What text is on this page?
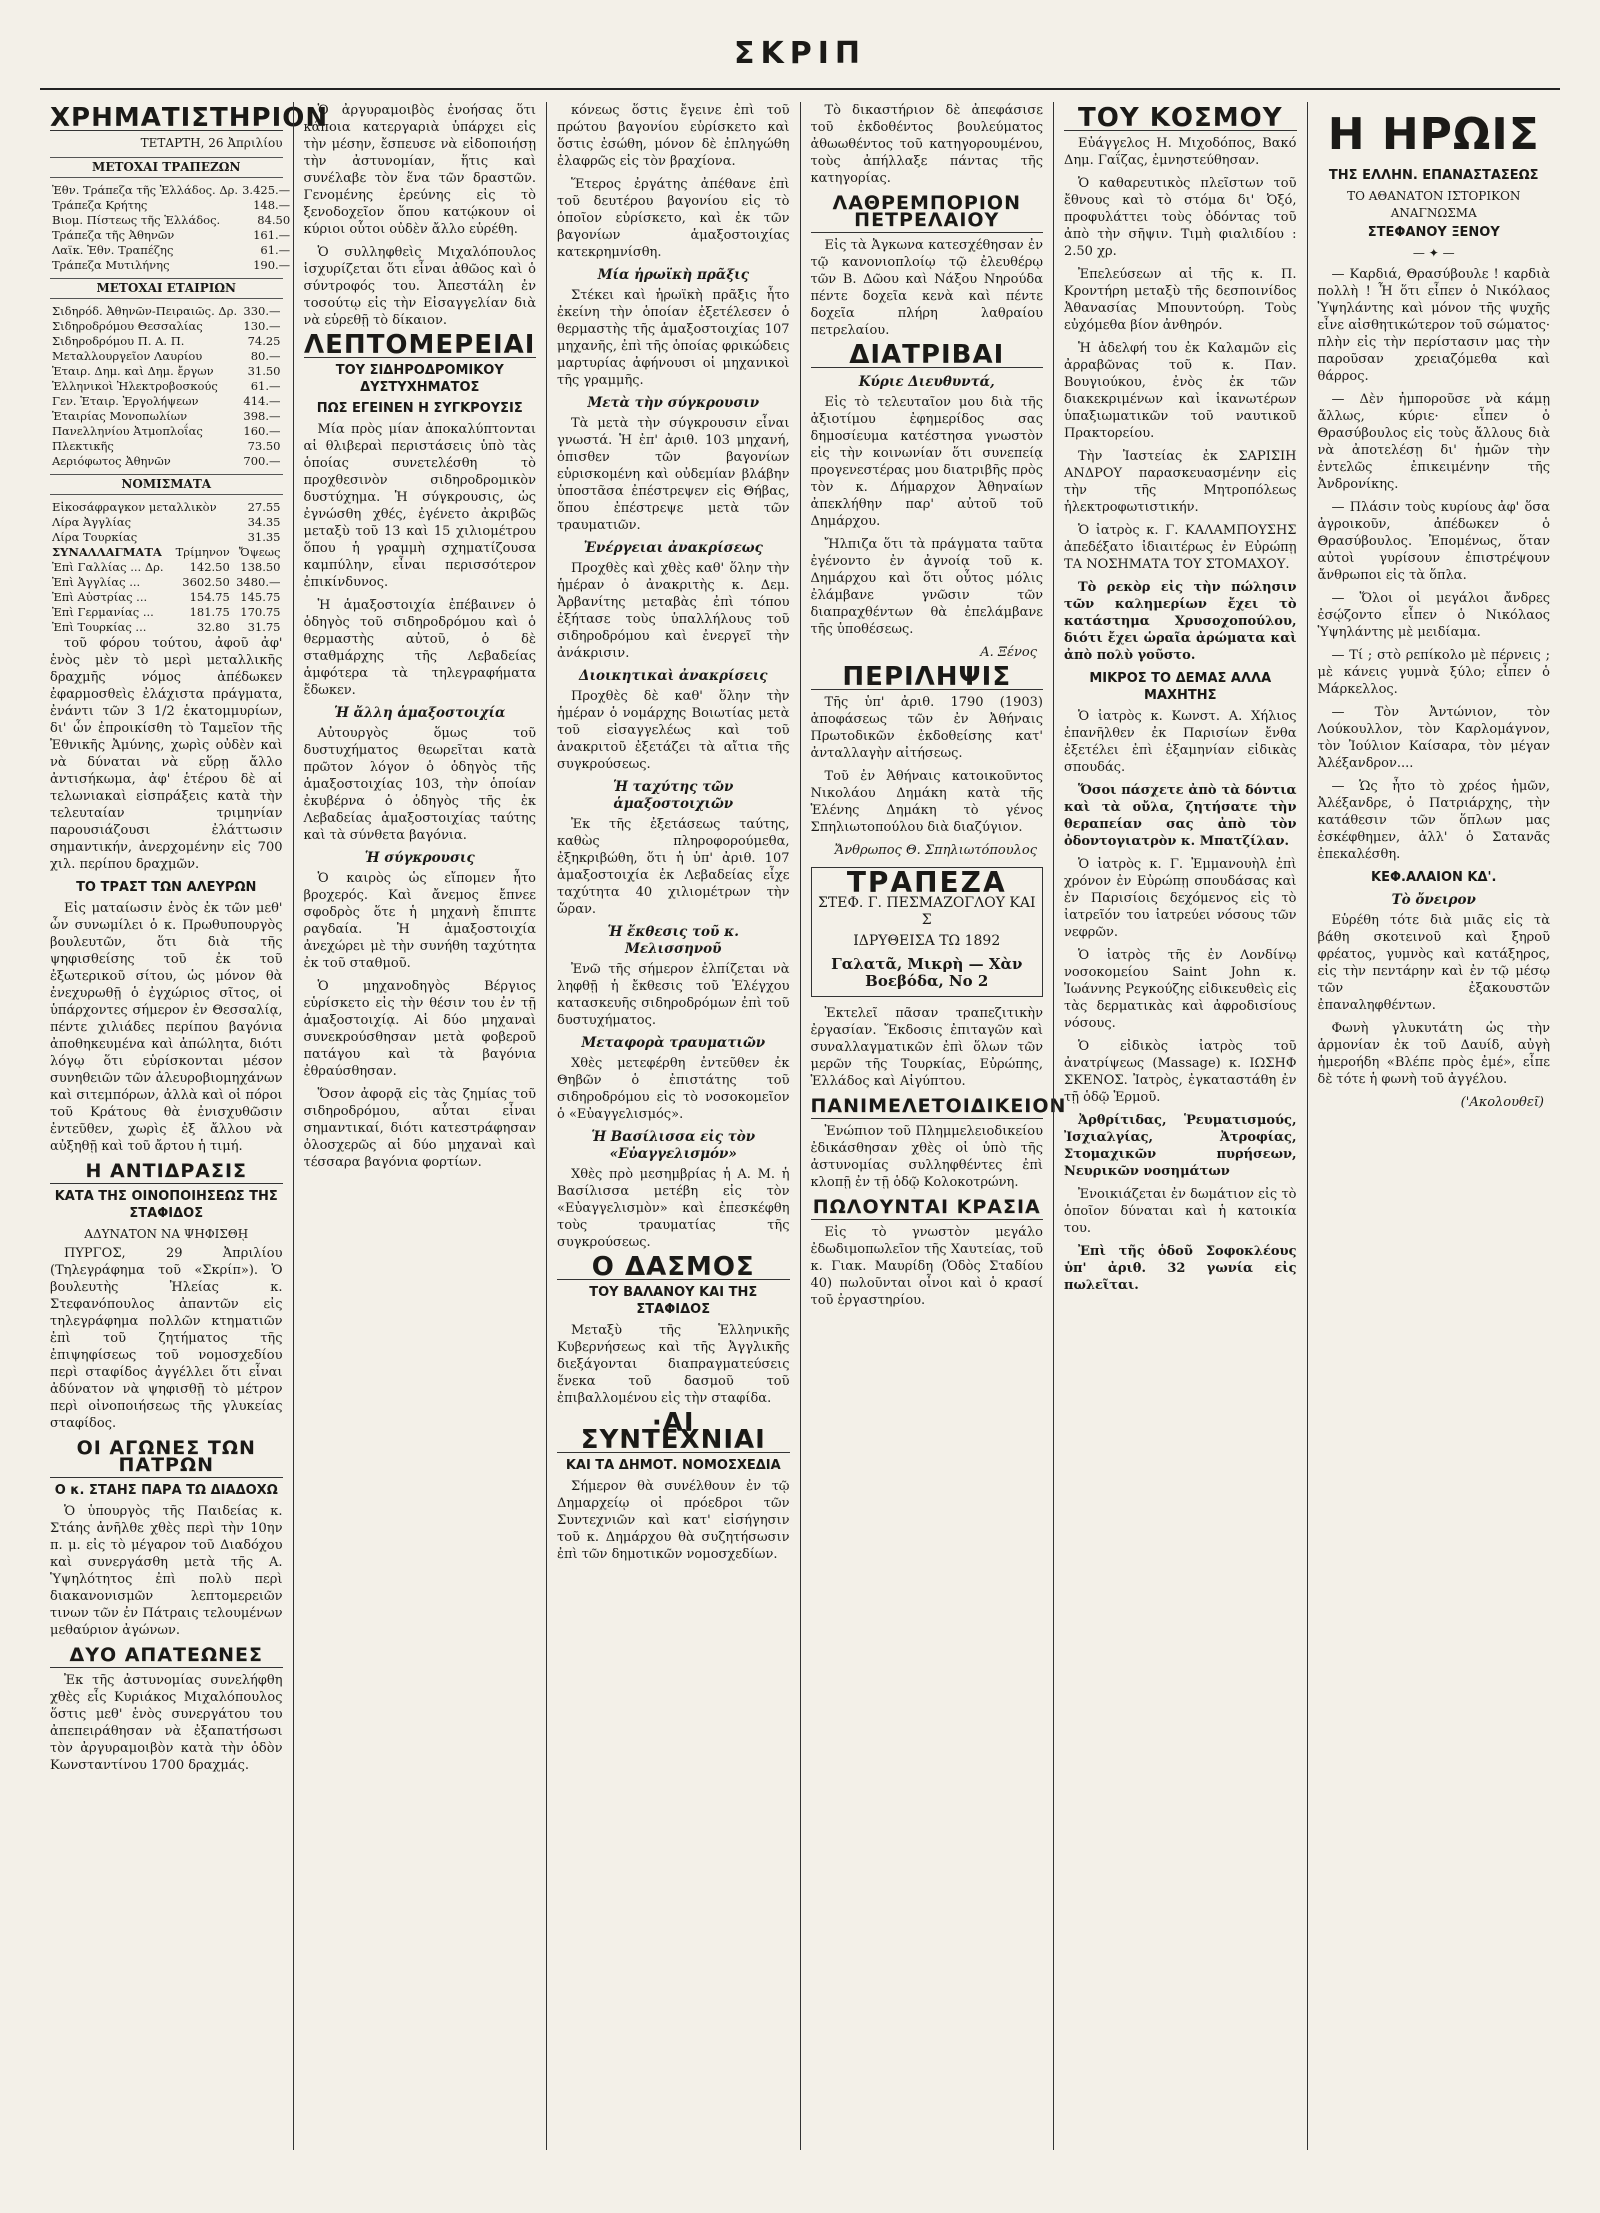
ΣΚΡΙΠ
ΧΡΗΜΑΤΙΣΤΗΡΙΟΝ
ΤΕΤΑΡΤΗ, 26 Ἀπριλίου
ΜΕΤΟΧΑΙ ΤΡΑΠΕΖΩΝ
Ἐθν. Τράπεζα τῆς Ἑλλάδος. Δρ.	3.425.—
Τράπεζα Κρήτης	148.—
Βιομ. Πίστεως τῆς Ἑλλάδος.	84.50
Τράπεζα τῆς Ἀθηνῶν	161.—
Λαϊκ. Ἐθν. Τραπέζης	61.—
Τράπεζα Μυτιλήνης	190.—
ΜΕΤΟΧΑΙ ΕΤΑΙΡΙΩΝ
Σιδηρόδ. Ἀθηνῶν-Πειραιῶς. Δρ.	330.—
Σιδηροδρόμου Θεσσαλίας	130.—
Σιδηροδρόμου Π. Α. Π.	74.25
Μεταλλουργεῖον Λαυρίου	80.—
Ἑταιρ. Δημ. καὶ Δημ. ἔργων	31.50
Ἑλληνικοὶ Ἠλεκτροβοσκούς	61.—
Γεν. Ἑταιρ. Ἐργολήψεων	414.—
Ἑταιρίας Μονοπωλίων	398.—
Πανελληνίου Ἀτμοπλοΐας	160.—
Πλεκτικῆς	73.50
Αεριόφωτος Ἀθηνῶν	700.—
ΝΟΜΙΣΜΑΤΑ
Εἰκοσάφραγκον μεταλλικὸν	27.55
Λίρα Ἀγγλίας	34.35
Λίρα Τουρκίας	31.35
ΣΥΝΑΛΛΑΓΜΑΤΑ	Τρίμηνον	Ὄψεως
Ἐπὶ Γαλλίας ... Δρ.	142.50	138.50
Ἐπὶ Ἀγγλίας ...	3602.50	3480.—
Ἐπὶ Αὐστρίας ...	154.75	145.75
Ἐπὶ Γερμανίας ...	181.75	170.75
Ἐπὶ Τουρκίας ...	32.80	31.75

τοῦ φόρου τούτου, ἀφοῦ ἀφ' ἑνὸς μὲν τὸ μερὶ μεταλλικῆς δραχμῆς νόμος ἀπέδωκεν ἐφαρμοσθεὶς ἐλάχιστα πράγματα, ἐνάντι τῶν 3 1/2 ἑκατομμυρίων, δι' ὧν ἐπροικίσθη τὸ Ταμεῖον τῆς Ἐθνικῆς Ἀμύνης, χωρὶς οὐδὲν καὶ νὰ δύναται νὰ εὕρῃ ἄλλο ἀντισήκωμα, ἀφ' ἑτέρου δὲ αἱ τελωνιακαὶ εἰσπράξεις κατὰ τὴν τελευταίαν τριμηνίαν παρουσιάζουσι ἐλάττωσιν σημαντικήν, ἀνερχομένην εἰς 700 χιλ. περίπου δραχμῶν.

ΤΟ ΤΡΑΣΤ ΤΩΝ ΑΛΕΥΡΩΝ

Εἰς ματαίωσιν ἑνὸς ἐκ τῶν μεθ' ὧν συνωμίλει ὁ κ. Πρωθυπουργὸς βουλευτῶν, ὅτι διὰ τῆς ψηφισθείσης τοῦ ἐκ τοῦ ἐξωτερικοῦ σίτου, ὡς μόνον θὰ ἐνεχυρωθῇ ὁ ἐγχώριος σῖτος, οἱ ὑπάρχοντες σήμερον ἐν Θεσσαλίᾳ, πέντε χιλιάδες περίπου βαγόνια ἀποθηκευμένα καὶ ἀπώλητα, διότι λόγῳ ὅτι εὑρίσκονται μέσον συνηθειῶν τῶν ἀλευροβιομηχάνων καὶ σιτεμπόρων, ἀλλὰ καὶ οἱ πόροι τοῦ Κράτους θὰ ἐνισχυθῶσιν ἐντεῦθεν, χωρὶς ἐξ ἄλλου νὰ αὐξηθῇ καὶ τοῦ ἄρτου ἡ τιμή.

Η ΑΝΤΙΔΡΑΣΙΣ
ΚΑΤΑ ΤΗΣ ΟΙΝΟΠΟΙΗΣΕΩΣ ΤΗΣ ΣΤΑΦΙΔΟΣ
ΑΔΥΝΑΤΟΝ ΝΑ ΨΗΦΙΣΘῌ

ΠΥΡΓΟΣ, 29 Ἀπριλίου (Τηλεγράφημα τοῦ «Σκρίπ»). Ὁ βουλευτὴς Ἠλείας κ. Στεφανόπουλος ἀπαντῶν εἰς τηλεγράφημα πολλῶν κτηματιῶν ἐπὶ τοῦ ζητήματος τῆς ἐπιψηφίσεως τοῦ νομοσχεδίου περὶ σταφίδος ἀγγέλλει ὅτι εἶναι ἀδύνατον νὰ ψηφισθῇ τὸ μέτρον περὶ οἰνοποιήσεως τῆς γλυκείας σταφίδος.

ΟΙ ΑΓΩΝΕΣ ΤΩΝ ΠΑΤΡΩΝ
Ο κ. ΣΤΑΗΣ ΠΑΡΑ ΤΩ ΔΙΑΔΟΧΩ

Ὁ ὑπουργὸς τῆς Παιδείας κ. Στάης ἀνῆλθε χθὲς περὶ τὴν 10ην π. μ. εἰς τὸ μέγαρον τοῦ Διαδόχου καὶ συνεργάσθη μετὰ τῆς Α. Ὑψηλότητος ἐπὶ πολὺ περὶ διακανονισμῶν λεπτομερειῶν τινων τῶν ἐν Πάτραις τελουμένων μεθαύριον ἀγώνων.

ΔΥΟ ΑΠΑΤΕΩΝΕΣ

Ἐκ τῆς ἀστυνομίας συνελήφθη χθὲς εἷς Κυριάκος Μιχαλόπουλος ὅστις μεθ' ἑνὸς συνεργάτου του ἀπεπειράθησαν νὰ ἐξαπατήσωσι τὸν ἀργυραμοιβὸν κατὰ τὴν ὁδὸν Κωνσταντίνου 1700 δραχμάς.

Ὁ ἀργυραμοιβὸς ἐνοήσας ὅτι κάποια κατεργαριὰ ὑπάρχει εἰς τὴν μέσην, ἔσπευσε νὰ εἰδοποιήσῃ τὴν ἀστυνομίαν, ἥτις καὶ συνέλαβε τὸν ἕνα τῶν δραστῶν. Γενομένης ἐρεύνης εἰς τὸ ξενοδοχεῖον ὅπου κατῴκουν οἱ κύριοι οὗτοι οὐδὲν ἄλλο εὑρέθη.

Ὁ συλληφθεὶς Μιχαλόπουλος ἰσχυρίζεται ὅτι εἶναι ἀθῶος καὶ ὁ σύντροφός του. Ἀπεστάλη ἐν τοσούτῳ εἰς τὴν Εἰσαγγελίαν διὰ νὰ εὑρεθῇ τὸ δίκαιον.

ΛΕΠΤΟΜΕΡΕΙΑΙ
ΤΟΥ ΣΙΔΗΡΟΔΡΟΜΙΚΟΥ ΔΥΣΤΥΧΗΜΑΤΟΣ
ΠΩΣ ΕΓΕΙΝΕΝ Η ΣΥΓΚΡΟΥΣΙΣ

Μία πρὸς μίαν ἀποκαλύπτονται αἱ θλιβεραὶ περιστάσεις ὑπὸ τὰς ὁποίας συνετελέσθη τὸ προχθεσινὸν σιδηροδρομικὸν δυστύχημα. Ἡ σύγκρουσις, ὡς ἐγνώσθη χθές, ἐγένετο ἀκριβῶς μεταξὺ τοῦ 13 καὶ 15 χιλιομέτρου ὅπου ἡ γραμμὴ σχηματίζουσα καμπύλην, εἶναι περισσότερον ἐπικίνδυνος.

Ἡ ἁμαξοστοιχία ἐπέβαινεν ὁ ὁδηγὸς τοῦ σιδηροδρόμου καὶ ὁ θερμαστὴς αὐτοῦ, ὁ δὲ σταθμάρχης τῆς Λεβαδείας ἀμφότερα τὰ τηλεγραφήματα ἔδωκεν.

Ἡ ἄλλη ἁμαξοστοιχία

Αὐτουργὸς ὅμως τοῦ δυστυχήματος θεωρεῖται κατὰ πρῶτον λόγον ὁ ὁδηγὸς τῆς ἁμαξοστοιχίας 103, τὴν ὁποίαν ἐκυβέρνα ὁ ὁδηγὸς τῆς ἐκ Λεβαδείας ἁμαξοστοιχίας ταύτης καὶ τὰ σύνθετα βαγόνια.

Ἡ σύγκρουσις

Ὁ καιρὸς ὡς εἴπομεν ἦτο βροχερός. Καὶ ἄνεμος ἔπνεε σφοδρὸς ὅτε ἡ μηχανὴ ἔπιπτε ραγδαία. Ἡ ἁμαξοστοιχία ἀνεχώρει μὲ τὴν συνήθη ταχύτητα ἐκ τοῦ σταθμοῦ.

Ὁ μηχανοδηγὸς Βέργιος εὑρίσκετο εἰς τὴν θέσιν του ἐν τῇ ἁμαξοστοιχίᾳ. Αἱ δύο μηχαναὶ συνεκρούσθησαν μετὰ φοβεροῦ πατάγου καὶ τὰ βαγόνια ἐθραύσθησαν.

Ὅσον ἀφορᾷ εἰς τὰς ζημίας τοῦ σιδηροδρόμου, αὗται εἶναι σημαντικαί, διότι κατεστράφησαν ὁλοσχερῶς αἱ δύο μηχαναὶ καὶ τέσσαρα βαγόνια φορτίων.

κόνεως ὅστις ἔγεινε ἐπὶ τοῦ πρώτου βαγονίου εὑρίσκετο καὶ ὅστις ἐσώθη, μόνον δὲ ἐπληγώθη ἐλαφρῶς εἰς τὸν βραχίονα.

Ἕτερος ἐργάτης ἀπέθανε ἐπὶ τοῦ δευτέρου βαγονίου εἰς τὸ ὁποῖον εὑρίσκετο, καὶ ἐκ τῶν βαγονίων ἁμαξοστοιχίας κατεκρημνίσθη.

Μία ἡρωϊκὴ πρᾶξις

Στέκει καὶ ἡρωϊκὴ πρᾶξις ἦτο ἐκείνη τὴν ὁποίαν ἐξετέλεσεν ὁ θερμαστὴς τῆς ἁμαξοστοιχίας 107 μηχανῆς, ἐπὶ τῆς ὁποίας φρικώδεις μαρτυρίας ἀφήνουσι οἱ μηχανικοὶ τῆς γραμμῆς.

Μετὰ τὴν σύγκρουσιν

Τὰ μετὰ τὴν σύγκρουσιν εἶναι γνωστά. Ἡ ἐπ' ἀριθ. 103 μηχανή, ὁπισθεν τῶν βαγονίων εὑρισκομένη καὶ οὐδεμίαν βλάβην ὑποστᾶσα ἐπέστρεψεν εἰς Θήβας, ὅπου ἐπέστρεψε μετὰ τῶν τραυματιῶν.

Ἐνέργειαι ἀνακρίσεως

Προχθὲς καὶ χθὲς καθ' ὅλην τὴν ἡμέραν ὁ ἀνακριτὴς κ. Δεμ. Ἀρβανίτης μεταβὰς ἐπὶ τόπου ἐξήτασε τοὺς ὑπαλλήλους τοῦ σιδηροδρόμου καὶ ἐνεργεῖ τὴν ἀνάκρισιν.

Διοικητικαὶ ἀνακρίσεις

Προχθὲς δὲ καθ' ὅλην τὴν ἡμέραν ὁ νομάρχης Βοιωτίας μετὰ τοῦ εἰσαγγελέως καὶ τοῦ ἀνακριτοῦ ἐξετάζει τὰ αἴτια τῆς συγκρούσεως.

Ἡ ταχύτης τῶν ἁμαξοστοιχιῶν

Ἐκ τῆς ἐξετάσεως ταύτης, καθὼς πληροφορούμεθα, ἐξηκριβώθη, ὅτι ἡ ὑπ' ἀριθ. 107 ἁμαξοστοιχία ἐκ Λεβαδείας εἶχε ταχύτητα 40 χιλιομέτρων τὴν ὥραν.

Ἡ ἔκθεσις τοῦ κ. Μελισσηνοῦ

Ἐνῶ τῆς σήμερον ἐλπίζεται νὰ ληφθῇ ἡ ἔκθεσις τοῦ Ἐλέγχου κατασκευῆς σιδηροδρόμων ἐπὶ τοῦ δυστυχήματος.

Μεταφορὰ τραυματιῶν

Χθὲς μετεφέρθη ἐντεῦθεν ἐκ Θηβῶν ὁ ἐπιστάτης τοῦ σιδηροδρόμου εἰς τὸ νοσοκομεῖον ὁ «Εὐαγγελισμός».

Ἡ Βασίλισσα εἰς τὸν «Εὐαγγελισμόν»

Χθὲς πρὸ μεσημβρίας ἡ Α. Μ. ἡ Βασίλισσα μετέβη εἰς τὸν «Εὐαγγελισμὸν» καὶ ἐπεσκέφθη τοὺς τραυματίας τῆς συγκρούσεως.

Ο ΔΑΣΜΟΣ
ΤΟΥ ΒΑΛΑΝΟΥ ΚΑΙ ΤΗΣ ΣΤΑΦΙΔΟΣ

Μεταξὺ τῆς Ἑλληνικῆς Κυβερνήσεως καὶ τῆς Ἀγγλικῆς διεξάγονται διαπραγματεύσεις ἕνεκα τοῦ δασμοῦ τοῦ ἐπιβαλλομένου εἰς τὴν σταφίδα.

·ΑΙ ΣΥΝΤΕΧΝΙΑΙ
ΚΑΙ ΤΑ ΔΗΜΟΤ. ΝΟΜΟΣΧΕΔΙΑ

Σήμερον θὰ συνέλθουν ἐν τῷ Δημαρχείῳ οἱ πρόεδροι τῶν Συντεχνιῶν καὶ κατ' εἰσήγησιν τοῦ κ. Δημάρχου θὰ συζητήσωσιν ἐπὶ τῶν δημοτικῶν νομοσχεδίων.

Τὸ δικαστήριον δὲ ἀπεφάσισε τοῦ ἐκδοθέντος βουλεύματος ἀθωωθέντος τοῦ κατηγορουμένου, τοὺς ἀπήλλαξε πάντας τῆς κατηγορίας.

ΛΑΘΡΕΜΠΟΡΙΟΝ ΠΕΤΡΕΛΑΙΟΥ

Εἰς τὰ Ἀγκωνα κατεσχέθησαν ἐν τῷ κανονιοπλοίῳ τῷ ἐλευθέρῳ τῶν Β. Δῶου καὶ Νάξου Νηρούδα πέντε δοχεῖα κενὰ καὶ πέντε δοχεῖα πλήρη λαθραίου πετρελαίου.

ΔΙΑΤΡΙΒΑΙ
Κύριε Διευθυντά,

Εἰς τὸ τελευταῖον μου διὰ τῆς ἀξιοτίμου ἐφημερίδος σας δημοσίευμα κατέστησα γνωστὸν εἰς τὴν κοινωνίαν ὅτι συνεπείᾳ προγενεστέρας μου διατριβῆς πρὸς τὸν κ. Δήμαρχον Ἀθηναίων ἀπεκλήθην παρ' αὐτοῦ τοῦ Δημάρχου.

Ἤλπιζα ὅτι τὰ πράγματα ταῦτα ἐγένοντο ἐν ἀγνοίᾳ τοῦ κ. Δημάρχου καὶ ὅτι οὗτος μόλις ἐλάμβανε γνῶσιν τῶν διαπραχθέντων θὰ ἐπελάμβανε τῆς ὑποθέσεως.

Α. Ξένος
ΠΕΡΙΛΗΨΙΣ

Τῆς ὑπ' ἀριθ. 1790 (1903) ἀποφάσεως τῶν ἐν Ἀθήναις Πρωτοδικῶν ἐκδοθείσης κατ' ἀνταλλαγὴν αἰτήσεως.

Τοῦ ἐν Ἀθήναις κατοικοῦντος Νικολάου Δημάκη κατὰ τῆς Ἑλένης Δημάκη τὸ γένος Σπηλιωτοπούλου διὰ διαζύγιον.

Ἄνθρωπος Θ. Σπηλιωτόπουλος
ΤΡΑΠΕΖΑ
ΣΤΕΦ. Γ. ΠΕΣΜΑΖΟΓΛΟΥ ΚΑΙ Σ
ΙΔΡΥΘΕΙΣΑ ΤΩ 1892
Γαλατᾶ, Μικρὴ — Χὰν Βοεβόδα, Νο 2

Ἐκτελεῖ πᾶσαν τραπεζιτικὴν ἐργασίαν. Ἔκδοσις ἐπιταγῶν καὶ συναλλαγματικῶν ἐπὶ ὅλων τῶν μερῶν τῆς Τουρκίας, Εὐρώπης, Ἑλλάδος καὶ Αἰγύπτου.

ΠΑΝΙΜΕΛΕΤΟΙΔΙΚΕΙΟΝ

Ἐνώπιον τοῦ Πλημμελειοδικείου ἐδικάσθησαν χθὲς οἱ ὑπὸ τῆς ἀστυνομίας συλληφθέντες ἐπὶ κλοπῇ ἐν τῇ ὁδῷ Κολοκοτρώνη.

ΠΩΛΟΥΝΤΑΙ ΚΡΑΣΙΑ

Εἰς τὸ γνωστὸν μεγάλο ἐδωδιμοπωλεῖον τῆς Χαυτείας, τοῦ κ. Γιακ. Μαυρίδη (Ὁδὸς Σταδίου 40) πωλοῦνται οἶνοι καὶ ὁ κρασί τοῦ ἐργαστηρίου.

ΤΟΥ ΚΟΣΜΟΥ

Εὐάγγελος Η. Μιχοδόπος, Βακό Δημ. Γαΐζας, ἐμνηστεύθησαν.

Ὁ καθαρευτικὸς πλεῖστων τοῦ ἔθνους καὶ τὸ στόμα δι' Ὀξό, προφυλάττει τοὺς ὀδόντας τοῦ ἀπὸ τὴν σῆψιν. Τιμὴ φιαλιδίου : 2.50 χρ.

Ἐπελεύσεων αἱ τῆς κ. Π. Κροντήρη μεταξὺ τῆς δεσποινίδος Ἀθανασίας Μπουντούρη. Τοὺς εὐχόμεθα βίον ἀνθηρόν.

Ἡ ἀδελφή του ἐκ Καλαμῶν εἰς ἀρραβῶνας τοῦ κ. Παν. Βουγιούκου, ἐνὸς ἐκ τῶν διακεκριμένων καὶ ἱκανωτέρων ὑπαξιωματικῶν τοῦ ναυτικοῦ Πρακτορείου.

Τὴν Ἰαστείας ἐκ ΣΑΡΙΣΙΗ ΑΝΔΡΟΥ παρασκευασμένην εἰς τὴν τῆς Μητροπόλεως ἡλεκτροφωτιστικήν.

Ὁ ἰατρὸς κ. Γ. ΚΑΛΑΜΠΟΥΣΗΣ ἀπεδέξατο ἰδιαιτέρως ἐν Εὐρώπῃ ΤΑ ΝΟΣΗΜΑΤΑ ΤΟΥ ΣΤΟΜΑΧΟΥ.

Τὸ ρεκὸρ εἰς τὴν πώλησιν τῶν καλημερίων ἔχει τὸ κατάστημα Χρυσοχοπούλου, διότι ἔχει ὡραῖα ἀρώματα καὶ ἀπὸ πολὺ γοῦστο.

ΜΙΚΡΟΣ ΤΟ ΔΕΜΑΣ ΑΛΛΑ ΜΑΧΗΤΗΣ

Ὁ ἰατρὸς κ. Κωνστ. Α. Χήλιος ἐπανῆλθεν ἐκ Παρισίων ἔνθα ἐξετέλει ἐπὶ ἑξαμηνίαν εἰδικὰς σπουδάς.

Ὅσοι πάσχετε ἀπὸ τὰ δόντια καὶ τὰ οὔλα, ζητήσατε τὴν θεραπείαν σας ἀπὸ τὸν ὀδοντογιατρὸν κ. Μπατζίλαν.

Ὁ ἰατρὸς κ. Γ. Ἐμμανουὴλ ἐπὶ χρόνον ἐν Εὐρώπῃ σπουδάσας καὶ ἐν Παρισίοις δεχόμενος εἰς τὸ ἰατρεῖόν του ἰατρεύει νόσους τῶν νεφρῶν.

Ὁ ἰατρὸς τῆς ἐν Λονδίνῳ νοσοκομείου Saint John κ. Ἰωάννης Ρεγκούζης εἰδικευθεὶς εἰς τὰς δερματικὰς καὶ ἀφροδισίους νόσους.

Ὁ εἰδικὸς ἰατρὸς τοῦ ἀνατρίψεως (Massage) κ. ΙΩΣΗΦ ΣΚΕΝΟΣ. Ἰατρὸς, ἐγκαταστάθη ἐν τῇ ὁδῷ Ἑρμοῦ.

Ἀρθρίτιδας, Ῥευματισμούς, Ἰσχιαλγίας, Ἀτροφίας, Στομαχικῶν πυρήσεων, Νευρικῶν νοσημάτων

Ἐνοικιάζεται ἐν δωμάτιον εἰς τὸ ὁποῖον δύναται καὶ ἡ κατοικία του.

Ἐπὶ τῆς ὁδοῦ Σοφοκλέους ὑπ' ἀριθ. 32 γωνία εἰς πωλεῖται.

Η ΗΡΩΙΣ
ΤΗΣ ΕΛΛΗΝ. ΕΠΑΝΑΣΤΑΣΕΩΣ
ΤΟ ΑΘΑΝΑΤΟΝ ΙΣΤΟΡΙΚΟΝ ΑΝΑΓΝΩΣΜΑ
ΣΤΕΦΑΝΟΥ ΞΕΝΟΥ
— ✦ —

— Καρδιά, Θρασύβουλε ! καρδιὰ πολλὴ ! Ἦ ὅτι εἶπεν ὁ Νικόλαος Ὑψηλάντης καὶ μόνον τῆς ψυχῆς εἶνε αἰσθητικώτερον τοῦ σώματος· πλὴν εἰς τὴν περίστασιν μας τὴν παροῦσαν χρειαζόμεθα καὶ θάρρος.

— Δὲν ἠμποροῦσε νὰ κάμῃ ἄλλως, κύριε· εἶπεν ὁ Θρασύβουλος εἰς τοὺς ἄλλους διὰ νὰ ἀποτελέσῃ δι' ἡμῶν τὴν ἐντελῶς ἐπικειμένην τῆς Ἀνδρονίκης.

— Πλάσιν τοὺς κυρίους ἀφ' ὅσα ἀγροικοῦν, ἀπέδωκεν ὁ Θρασύβουλος. Ἐπομένως, ὅταν αὐτοὶ γυρίσουν ἐπιστρέψουν ἄνθρωποι εἰς τὰ ὅπλα.

— Ὅλοι οἱ μεγάλοι ἄνδρες ἐσῴζοντο εἶπεν ὁ Νικόλαος Ὑψηλάντης μὲ μειδίαμα.

— Τί ; στὸ ρεπίκολο μὲ πέρνεις ; μὲ κάνεις γυμνὰ ξύλο; εἶπεν ὁ Μάρκελλος.

— Τὸν Ἀντώνιον, τὸν Λούκουλλον, τὸν Καρλομάγνον, τὸν Ἰούλιον Καίσαρα, τὸν μέγαν Ἀλέξανδρον....

— Ὡς ἦτο τὸ χρέος ἡμῶν, Ἀλέξανδρε, ὁ Πατριάρχης, τὴν κατάθεσιν τῶν ὅπλων μας ἐσκέφθημεν, ἀλλ' ὁ Σατανᾶς ἐπεκαλέσθη.

ΚΕΦ.ΑΛΑΙΟΝ ΚΔ'.
Τὸ ὄνειρον

Εὑρέθη τότε διὰ μιᾶς εἰς τὰ βάθη σκοτεινοῦ καὶ ξηροῦ φρέατος, γυμνὸς καὶ κατάξηρος, εἰς τὴν πεντάρην καὶ ἐν τῷ μέσῳ τῶν ἐξακουστῶν ἐπαναληφθέντων.

Φωνὴ γλυκυτάτη ὡς τὴν ἁρμονίαν ἐκ τοῦ Δαυίδ, αὐγὴ ἡμεροήδη «Βλέπε πρὸς ἐμέ», εἶπε δὲ τότε ἡ φωνὴ τοῦ ἀγγέλου.

('Ακολουθεῖ)
